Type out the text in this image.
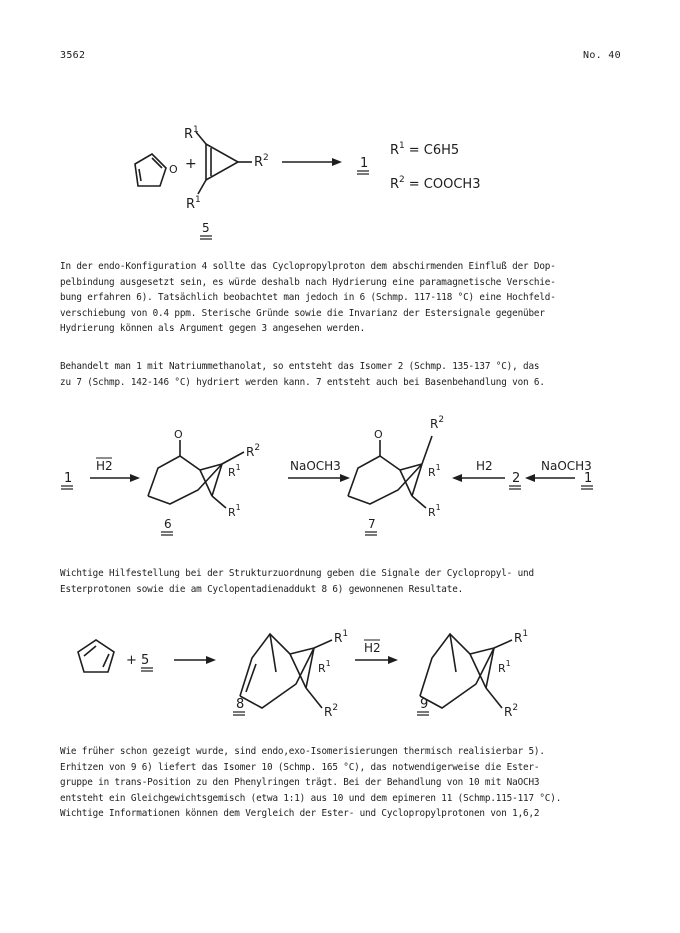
3562	No. 40
O +
$R^1$
$R^1$
$R^2$
5
1
$R^1 = C6H5$
$R^2$ = COOCH3
In der endo-Konfiguration 4 sollte das Cyclopropylproton dem abschirmenden Einfluß der Dop-
pelbindung ausgesetzt sein, es würde deshalb nach Hydrierung eine paramagnetische Verschie-
bung erfahren 6). Tatsächlich beobachtet man jedoch in 6 (Schmp. 117-118 °C) eine Hochfeld-
verschiebung von 0.4 ppm. Sterische Gründe sowie die Invarianz der Estersignale gegenüber
Hydrierung können als Argument gegen 3 angesehen werden.
Behandelt man 1 mit Natriummethanolat, so entsteht das Isomer 2 (Schmp. 135-137 °C), das
zu 7 (Schmp. 142-146 °C) hydriert werden kann. 7 entsteht auch bei Basenbehandlung von 6.
1
H2
O
$R^2$
$R^1$
$R^1$
NaOCH3
O
$R^2$
$R^1$
$R^1$
H2	NaOCH3
6	7
2	1
Wichtige Hilfestellung bei der Strukturzuordnung geben die Signale der Cyclopropyl- und
Esterprotonen sowie die am Cyclopentadienaddukt 8 6) gewonnenen Resultate.
+ 5
H2
$R^1$
$R^1$
$R^2$
$R^1$
$R^1$
$R^2$
8	9
Wie früher schon gezeigt wurde, sind endo,exo-Isomerisierungen thermisch realisierbar 5).
Erhitzen von 9 6) liefert das Isomer 10 (Schmp. 165 °C), das notwendigerweise die Ester-
gruppe in trans-Position zu den Phenylringen trägt. Bei der Behandlung von 10 mit NaOCH3
entsteht ein Gleichgewichtsgemisch (etwa 1:1) aus 10 und dem epimeren 11 (Schmp.115-117 °C).
Wichtige Informationen können dem Vergleich der Ester- und Cyclopropylprotonen von 1,6,2
